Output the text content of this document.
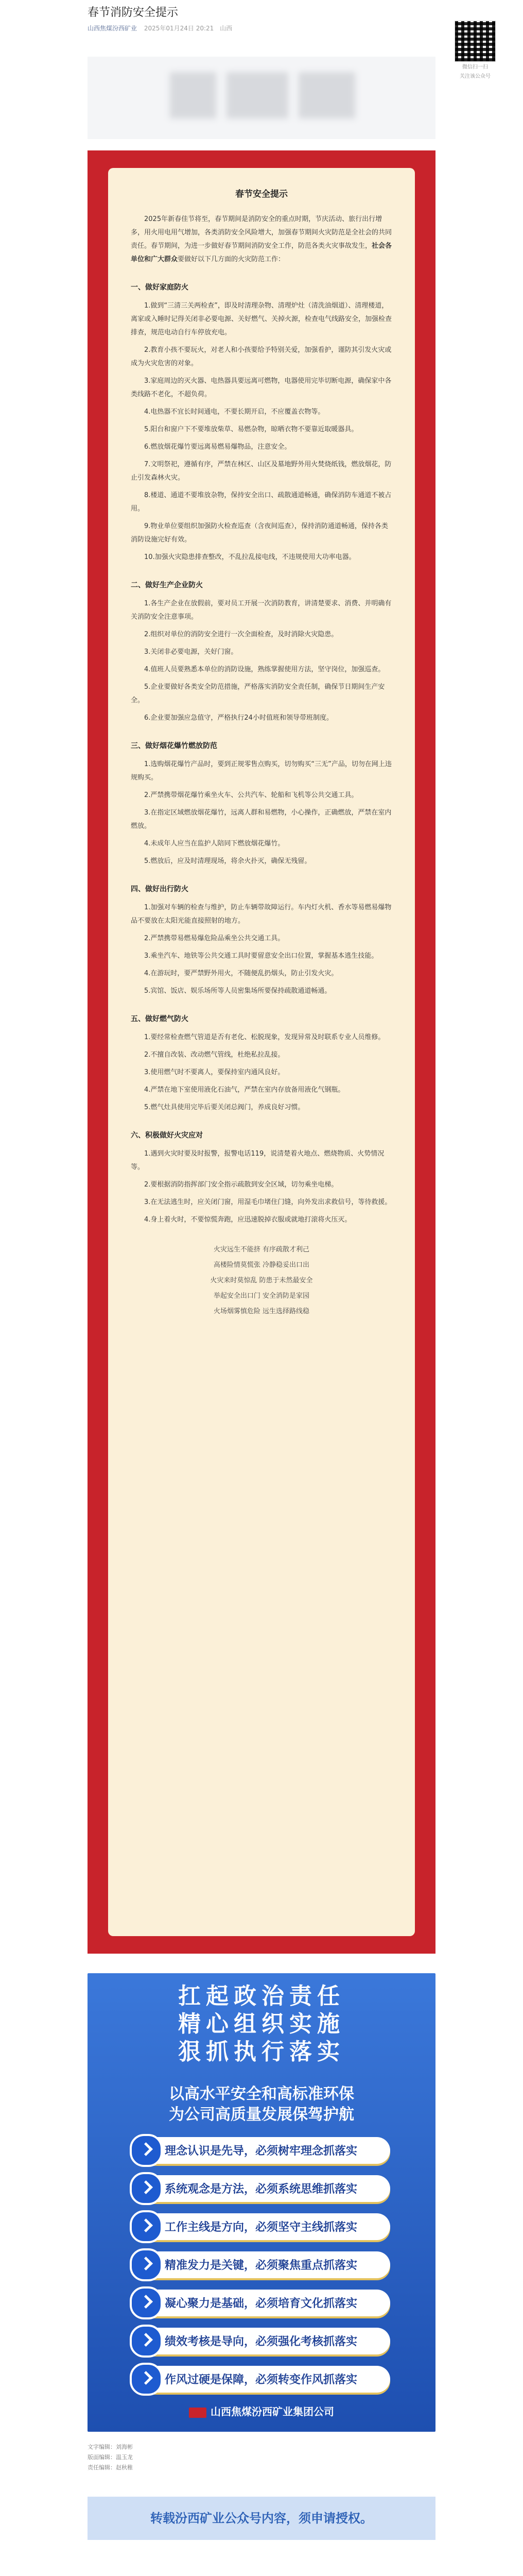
春节消防安全提示
山西焦煤汾西矿业 2025年01月24日 20:21 山西
微信扫一扫
关注该公众号
春节安全提示

2025年新春佳节将至，春节期间是消防安全的重点时期，节庆活动、旅行出行增多，用火用电用气增加，各类消防安全风险增大，加强春节期间火灾防范是全社会的共同责任。春节期间，为进一步做好春节期间消防安全工作，防范各类火灾事故发生，社会各单位和广大群众要做好以下几方面的火灾防范工作：

一、做好家庭防火

1.做到“三清三关两检查”，即及时清理杂物、清理炉灶（清洗油烟道）、清理楼道，离家或入睡时记得关闭非必要电源、关好燃气、关掉火源，检查电气线路安全，加强检查排查，规范电动自行车停放充电。

2.教育小孩不要玩火，对老人和小孩要给予特别关爱，加强看护，谨防其引发火灾或成为火灾危害的对象。

3.家庭周边的灭火器、电热器具要远离可燃物，电器使用完毕切断电源，确保家中各类线路不老化，不超负荷。

4.电热器不宜长时间通电，不要长期开启，不应覆盖衣物等。

5.阳台和窗户下不要堆放柴草、易燃杂物，晾晒衣物不要靠近取暖器具。

6.燃放烟花爆竹要远离易燃易爆物品，注意安全。

7.文明祭祀，遵循有序，严禁在林区、山区及墓地野外用火焚烧纸钱，燃放烟花，防止引发森林火灾。

8.楼道、通道不要堆放杂物，保持安全出口、疏散通道畅通，确保消防车通道不被占用。

9.物业单位要组织加强防火检查巡查（含夜间巡查），保持消防通道畅通，保持各类消防设施完好有效。

10.加强火灾隐患排查整改，不乱拉乱接电线，不违规使用大功率电器。

二、做好生产企业防火

1.各生产企业在放假前，要对员工开展一次消防教育，讲清楚要求、消费、并明确有关消防安全注意事项。

2.组织对单位的消防安全进行一次全面检查，及时消除火灾隐患。

3.关闭非必要电源，关好门窗。

4.值班人员要熟悉本单位的消防设施，熟练掌握使用方法，坚守岗位，加强巡查。

5.企业要做好各类安全防范措施，严格落实消防安全责任制，确保节日期间生产安全。

6.企业要加强应急值守，严格执行24小时值班和领导带班制度。

三、做好烟花爆竹燃放防范

1.选购烟花爆竹产品时，要到正规零售点购买，切勿购买“三无”产品，切勿在网上违规购买。

2.严禁携带烟花爆竹乘坐火车、公共汽车、轮船和飞机等公共交通工具。

3.在指定区域燃放烟花爆竹，远离人群和易燃物，小心操作，正确燃放，严禁在室内燃放。

4.未成年人应当在监护人陪同下燃放烟花爆竹。

5.燃放后，应及时清理现场，将余火扑灭，确保无残留。

四、做好出行防火

1.加强对车辆的检查与维护，防止车辆带故障运行。车内灯火机、香水等易燃易爆物品不要放在太阳光能直接照射的地方。

2.严禁携带易燃易爆危险品乘坐公共交通工具。

3.乘坐汽车、地铁等公共交通工具时要留意安全出口位置，掌握基本逃生技能。

4.在游玩时，要严禁野外用火，不随便乱扔烟头，防止引发火灾。

5.宾馆、饭店、娱乐场所等人员密集场所要保持疏散通道畅通。

五、做好燃气防火

1.要经常检查燃气管道是否有老化、松脱现象，发现异常及时联系专业人员维修。

2.不擅自改装、改动燃气管线，杜绝私拉乱接。

3.使用燃气时不要离人，要保持室内通风良好。

4.严禁在地下室使用液化石油气，严禁在室内存放备用液化气钢瓶。

5.燃气灶具使用完毕后要关闭总阀门，养成良好习惯。

六、积极做好火灾应对

1.遇到火灾时要及时报警，报警电话119，说清楚着火地点、燃烧物质、火势情况等。

2.要根据消防指挥部门安全指示疏散到安全区域，切勿乘坐电梯。

3.在无法逃生时，应关闭门窗，用湿毛巾堵住门缝，向外发出求救信号，等待救援。

4.身上着火时，不要惊慌奔跑，应迅速脱掉衣服或就地打滚将火压灭。

火灾远生不能挤 有序疏散才利己
高楼险情莫慌张 冷静稳妥出口出
火灾来时莫惊乱 防患于未然最安全
举起安全出口门 安全消防是家园
火场烟雾慎危险 远生选择路线稳
扛起政治责任
精心组织实施
狠抓执行落实
以高水平安全和高标准环保
为公司高质量发展保驾护航
理念认识是先导，必须树牢理念抓落实
系统观念是方法，必须系统思维抓落实
工作主线是方向，必须坚守主线抓落实
精准发力是关键，必须聚焦重点抓落实
凝心聚力是基础，必须培育文化抓落实
绩效考核是导向，必须强化考核抓落实
作风过硬是保障，必须转变作风抓落实
山西焦煤汾西矿业集团公司
文字编辑：刘海彬
版面编辑：温玉龙
责任编辑：赵秋稚
转载汾西矿业公众号内容，须申请授权。
